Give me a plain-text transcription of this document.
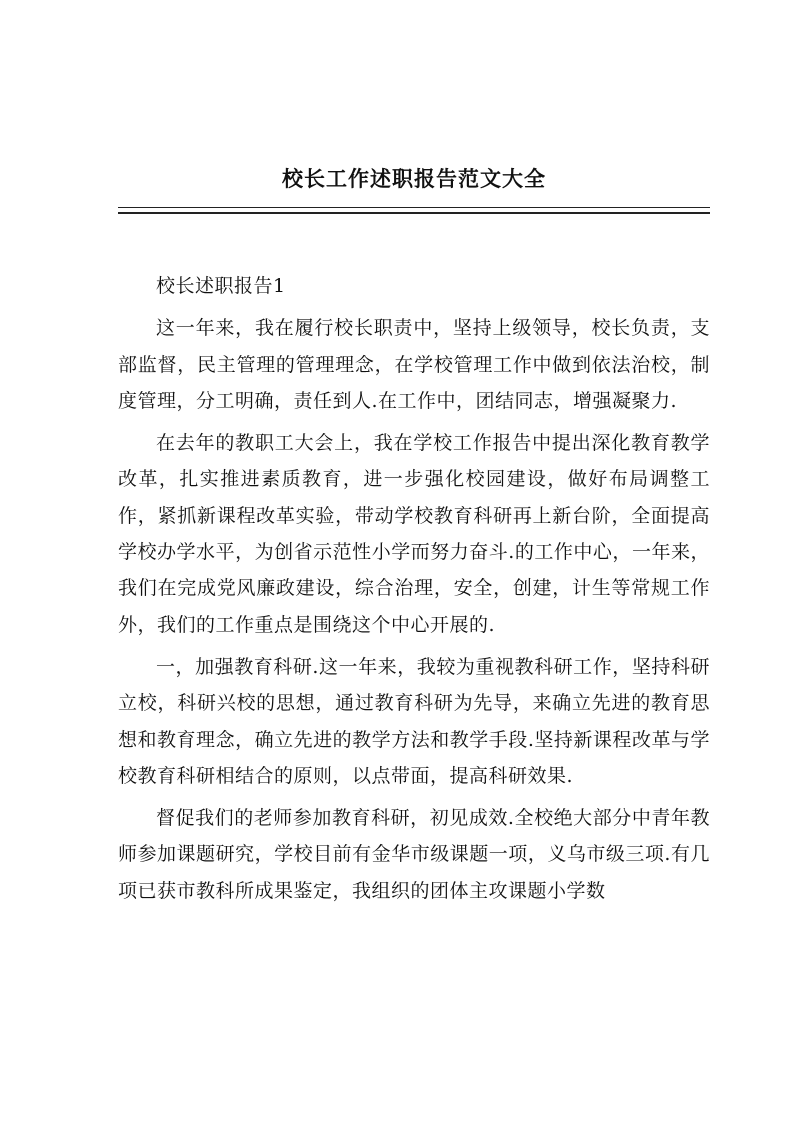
校长工作述职报告范文大全

校长述职报告1

这一年来，我在履行校长职责中，坚持上级领导，校长负责，支部监督，民主管理的管理理念，在学校管理工作中做到依法治校，制度管理，分工明确，责任到人.在工作中，团结同志，增强凝聚力.

在去年的教职工大会上，我在学校工作报告中提出深化教育教学改革，扎实推进素质教育，进一步强化校园建设，做好布局调整工作，紧抓新课程改革实验，带动学校教育科研再上新台阶，全面提高学校办学水平，为创省示范性小学而努力奋斗.的工作中心，一年来，我们在完成党风廉政建设，综合治理，安全，创建，计生等常规工作外，我们的工作重点是围绕这个中心开展的.

一，加强教育科研.这一年来，我较为重视教科研工作，坚持科研立校，科研兴校的思想，通过教育科研为先导，来确立先进的教育思想和教育理念，确立先进的教学方法和教学手段.坚持新课程改革与学校教育科研相结合的原则，以点带面，提高科研效果.

督促我们的老师参加教育科研，初见成效.全校绝大部分中青年教师参加课题研究，学校目前有金华市级课题一项，义乌市级三项.有几项已获市教科所成果鉴定，我组织的团体主攻课题小学数
